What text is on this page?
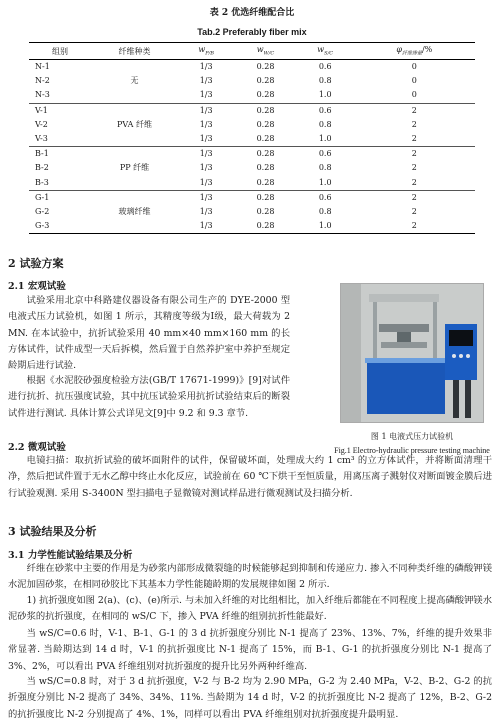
表 2 优选纤维配合比
Tab.2 Preferably fiber mix
组别	纤维种类	$w_{P/B}$	$w_{W/C}$	$w_{S/C}$	$\varphi_{纤维掺量}/\%$
N-1		1/3	0.28	0.6	0
N-2	无	1/3	0.28	0.8	0
N-3		1/3	0.28	1.0	0
V-1		1/3	0.28	0.6	2
V-2	PVA 纤维	1/3	0.28	0.8	2
V-3		1/3	0.28	1.0	2
B-1		1/3	0.28	0.6	2
B-2	PP 纤维	1/3	0.28	0.8	2
B-3		1/3	0.28	1.0	2
G-1		1/3	0.28	0.6	2
G-2	玻璃纤维	1/3	0.28	0.8	2
G-3		1/3	0.28	1.0	2
2 试验方案
2.1 宏观试验
试验采用北京中科路建仪器设备有限公司生产的 DYE-2000 型电液式压力试验机，如图 1 所示，其精度等级为Ⅰ级，最大荷载为 2 MN. 在本试验中，抗折试验采用 40 mm×40 mm×160 mm 的长方体试件，试件成型一天后拆模，然后置于自然养护室中养护至规定龄期后进行试验.
根据《水泥胶砂强度检验方法(GB/T 17671-1999)》[9]对试件进行抗折、抗压强度试验，其中抗压试验采用抗折试验结束后的断裂试件进行测试. 具体计算公式详见文[9]中 9.2 和 9.3 章节.
图 1 电液式压力试验机
Fig.1 Electro-hydraulic pressure testing machine
2.2 微观试验
电镜扫描：取抗折试验的破坏面附件的试件，保留破坏面，处理成大约 1 cm³ 的立方体试件，并将断面清理干净，然后把试件置于无水乙醇中终止水化反应，试验前在 60 ℃下烘干至恒质量，用离压离子溅射仪对断面镀金膜后进行试验观测. 采用 S-3400N 型扫描电子显微镜对测试样品进行微观测试及扫描分析.
3 试验结果及分析
3.1 力学性能试验结果及分析
纤维在砂浆中主要的作用是为砂浆内部形成微裂缝的时候能够起到抑制和传递应力. 掺入不同种类纤维的磷酸钾镁水泥加固砂浆，在相同砂胶比下其基本力学性能随龄期的发展规律如图 2 所示.
1) 抗折强度如图 2(a)、(c)、(e)所示. 与未加入纤维的对比组相比，加入纤维后都能在不同程度上提高磷酸钾镁水泥砂浆的抗折强度，在相同的 wS/C 下，掺入 PVA 纤维的组别抗折性能最好.
当 wS/C=0.6 时，V-1、B-1、G-1 的 3 d 抗折强度分别比 N-1 提高了 23%、13%、7%，纤维的提升效果非常显著. 当龄期达到 14 d 时，V-1 的抗折强度比 N-1 提高了 15%，而 B-1、G-1 的抗折强度分别比 N-1 提高了 3%、2%，可以看出 PVA 纤维组别对抗折强度的提升比另外两种纤维高.
当 wS/C=0.8 时，对于 3 d 抗折强度，V-2 与 B-2 均为 2.90 MPa，G-2 为 2.40 MPa，V-2、B-2、G-2 的抗折强度分别比 N-2 提高了 34%、34%、11%. 当龄期为 14 d 时，V-2 的抗折强度比 N-2 提高了 12%，B-2、G-2 的抗折强度比 N-2 分别提高了 4%、1%，同样可以看出 PVA 纤维组别对抗折强度提升最明显.
